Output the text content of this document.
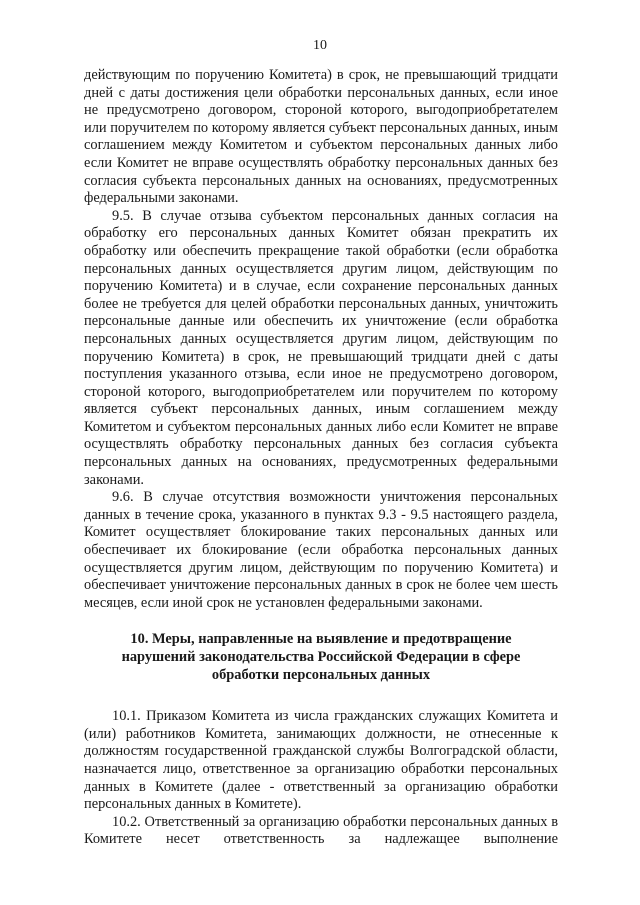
10

действующим по поручению Комитета) в срок, не превышающий тридцати дней с даты достижения цели обработки персональных данных, если иное не предусмотрено договором, стороной которого, выгодоприобретателем или поручителем по которому является субъект персональных данных, иным соглашением между Комитетом и субъектом персональных данных либо если Комитет не вправе осуществлять обработку персональных данных без согласия субъекта персональных данных на основаниях, предусмотренных федеральными законами.

9.5. В случае отзыва субъектом персональных данных согласия на обработку его персональных данных Комитет обязан прекратить их обработку или обеспечить прекращение такой обработки (если обработка персональных данных осуществляется другим лицом, действующим по поручению Комитета) и в случае, если сохранение персональных данных более не требуется для целей обработки персональных данных, уничтожить персональные данные или обеспечить их уничтожение (если обработка персональных данных осуществляется другим лицом, действующим по поручению Комитета) в срок, не превышающий тридцати дней с даты поступления указанного отзыва, если иное не предусмотрено договором, стороной которого, выгодоприобретателем или поручителем по которому является субъект персональных данных, иным соглашением между Комитетом и субъектом персональных данных либо если Комитет не вправе осуществлять обработку персональных данных без согласия субъекта персональных данных на основаниях, предусмотренных федеральными законами.

9.6. В случае отсутствия возможности уничтожения персональных данных в течение срока, указанного в пунктах 9.3 - 9.5 настоящего раздела, Комитет осуществляет блокирование таких персональных данных или обеспечивает их блокирование (если обработка персональных данных осуществляется другим лицом, действующим по поручению Комитета) и обеспечивает уничтожение персональных данных в срок не более чем шесть месяцев, если иной срок не установлен федеральными законами.

10. Меры, направленные на выявление и предотвращение

нарушений законодательства Российской Федерации в сфере

обработки персональных данных

10.1. Приказом Комитета из числа гражданских служащих Комитета и (или) работников Комитета, занимающих должности, не отнесенные к должностям государственной гражданской службы Волгоградской области, назначается лицо, ответственное за организацию обработки персональных данных в Комитете (далее - ответственный за организацию обработки персональных данных в Комитете).

10.2. Ответственный за организацию обработки персональных данных в Комитете несет ответственность за надлежащее выполнение
